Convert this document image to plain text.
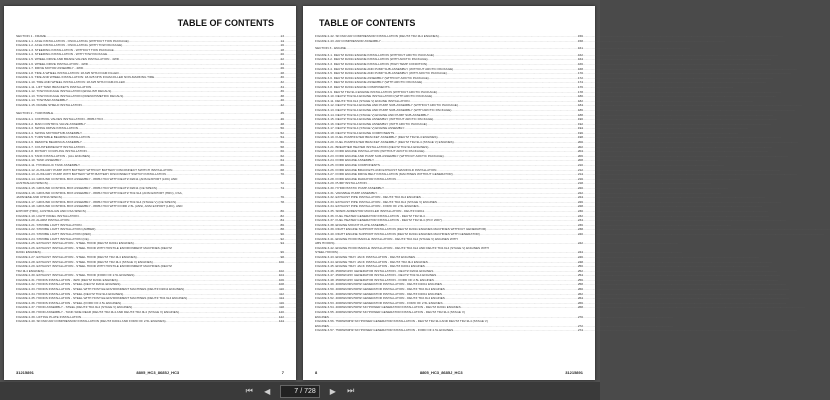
TABLE OF CONTENTS
SECTION 1 - FRAME .....	13
FIGURE 1-1. AXLE INSTALLATION - OSCILLATING (WITHOUT TOW PACKAGE) .....	14
FIGURE 1-2. AXLE INSTALLATION - OSCILLATING (WITH TOW PACKAGE) .....	16
FIGURE 1-3. STEERING INSTALLATION - WITHOUT TOW PACKAGE .....	18
FIGURE 1-4. STEERING INSTALLATION - WITH TOW PACKAGE .....	20
FIGURE 1-5. WHEEL DRIVE AND BRAKE VALVES INSTALLATION - 4WD .....	22
FIGURE 1-6. WHEEL DRIVE INSTALLATION - 4WD .....	24
FIGURE 1-7. DRIVE MOTOR ASSEMBLY - 4WD .....	26
FIGURE 1-8. TIRE & WHEEL INSTALLATION: 18-625 NHS FOAM FILLED .....	28
FIGURE 1-9. TIRE AND WHEEL INSTALLATION: 18-625 NHS FOAM-FILLED NON-MARKING TIRE .....	30
FIGURE 1-10. TIRE AND WHEEL INSTALLATION: 18-625 NHS FOAM-FILLED .....	32
FIGURE 1-11. LIFT TANK BRACKETS INSTALLATION .....	34
FIGURE 1-12. TOW PACKAGE INSTALLATION (ENGLISH DECALS) .....	36
FIGURE 1-13. TOW PACKAGE INSTALLATION (FRENCH/METRIC DECALS) .....	38
FIGURE 1-14. TOW BAR ASSEMBLY .....	40
FIGURE 1-15. FRAME SHIELD INSTALLATION .....	42
SECTION 2 - TURNTABLE .....	45
FIGURE 2-1. CONTROL VALVES INSTALLATION - 8805J HC3 .....	46
FIGURE 2-2. MAIN CONTROL VALVE ASSEMBLY .....	48
FIGURE 2-3. SWING DRIVE INSTALLATION .....	50
FIGURE 2-4. SWING MOTOR/HUB ASSEMBLY .....	52
FIGURE 2-5. TURNTABLE BEARING INSTALLATION .....	54
FIGURE 2-6. REMOTE BEARINGS ASSEMBLY .....	56
FIGURE 2-7. COUNTERWEIGHT INSTALLATION .....	58
FIGURE 2-8. ROTARY COUPLING INSTALLATION .....	60
FIGURE 2-9. TANK INSTALLATION - (ALL ENGINES) .....	62
FIGURE 2-10. TANK ASSEMBLY .....	64
FIGURE 2-11. HYDRAULIC TANK ASSEMBLY .....	66
FIGURE 2-12. AUXILIARY PUMP WITH BATTERY WITHOUT BATTERY DISCONNECT SWITCH INSTALLATION .....	68
FIGURE 2-13. AUXILIARY PUMP WITH BATTERY WITH BATTERY DISCONNECT SWITCH INSTALLATION .....	70
FIGURE 2-14. GROUND CONTROL BOX ASSEMBLY - 8805J HC3 WITH DEUTZ D2011 (ANSI EXPORT (LRC) AND
AUSTRALIAN SPECS) .....	72
FIGURE 2-15. GROUND CONTROL BOX ASSEMBLY - 8805J HC3 WITH DEUTZ D2011 (CE SPECS) .....	74
FIGURE 2-16. GROUND CONTROL BOX ASSEMBLY - 8805J HC3 WITH DEUTZ TD2.9L4 (ANSI EXPORT (HRC), CSA,
JAPANESE AND CHINA SPECS) .....	76
FIGURE 2-17. GROUND CONTROL BOX ASSEMBLY - 8805J HC3 WITH DEUTZ TD2.9L4 (STAGE V) (CE SPECS) .....	78
FIGURE 2-18. GROUND CONTROL BOX ASSEMBLY - 8805J HC3 WITH FORD 2.5L (ANSI, ANSI EXPORT (LRC), AND
EXPORT (HRC), AUSTRALIAN AND CSA SPECS) .....	80
FIGURE 2-19. LIGHT PANEL INSTALLATION .....	82
FIGURE 2-20. ALARM INSTALLATION .....	84
FIGURE 2-21. STROBE LIGHT INSTALLATION .....	86
FIGURE 2-22. STROBE LIGHT INSTALLATION (AMBER) .....	88
FIGURE 2-23. STROBE LIGHT INSTALLATION (RED) .....	90
FIGURE 2-24. STROBE LIGHT INSTALLATION (CE) .....	92
FIGURE 2-25. EXHAUST INSTALLATION - STEEL HOOD (DEUTZ D2011 ENGINES) .....	94
FIGURE 2-26. EXHAUST INSTALLATION - STEEL HOOD WITH HOSTILE ENVIRONMENT MACHINES (DEUTZ
D2011 ENGINES) .....	96
FIGURE 2-27. EXHAUST INSTALLATION - STEEL HOOD (DEUTZ TD2.9L4 ENGINES) .....	98
FIGURE 2-28. EXHAUST INSTALLATION - STEEL HOOD (DEUTZ TD2.9L4 (STAGE V) ENGINES) .....	100
FIGURE 2-29. EXHAUST INSTALLATION - STEEL HOOD WITH HOSTILE ENVIRONMENT MACHINES (DEUTZ
TD2.9L4 ENGINES) .....	102
FIGURE 2-30. EXHAUST INSTALLATION - STEEL HOOD (FORD OF 2.5L ENGINES) .....	104
FIGURE 2-31. HOODS INSTALLATION - 4WD (DEUTZ D2011 ENGINES) .....	106
FIGURE 2-32. HOODS INSTALLATION - STEEL (DEUTZ D2011 ENGINES) .....	108
FIGURE 2-33. HOODS INSTALLATION - STEEL WITH HOSTILE ENVIRONMENT MACHINES (DEUTZ D2011 ENGINES) .....	110
FIGURE 2-34. HOODS INSTALLATION - STEEL (DEUTZ TD2.9L4 ENGINES) .....	112
FIGURE 2-35. HOODS INSTALLATION - STEEL WITH HOSTILE ENVIRONMENT MACHINES (DEUTZ TD2.9L4 ENGINES) .....	114
FIGURE 2-36. HOODS INSTALLATION - STEEL (FORD OF 2.5L ENGINES) .....	116
FIGURE 2-37. HOOD ASSEMBLY - STEEL (DEUTZ TD2.9L4 (STAGE V) ENGINES) .....	118
FIGURE 2-38. HOOD ASSEMBLY - TANK SIDE REAR (DEUTZ TD2.9L4 AND DEUTZ TD2.9L4 (STAGE V) ENGINES) .....	120
FIGURE 2-39. LIFTING PLATE INSTALLATION .....	122
FIGURE 2-40. SKYAIR AIR COMPRESSOR INSTALLATION (DEUTZ D2011 AND FORD OF 2.5L ENGINES) .....	124
31215891	8805_HC3_8685J_HC3	7
TABLE OF CONTENTS
FIGURE 2-42. SKYAIR AIR COMPRESSOR INSTALLATION (DEUTZ TD2.9L4 ENGINES) .....	156
FIGURE 2-43. AIR COMPRESSOR ASSEMBLY .....	158
SECTION 3 - ENGINE .....	161
FIGURE 3-1. DEUTZ D2011 ENGINE INSTALLATION (WITHOUT ARCTIC PACKAGE) .....	162
FIGURE 3-2. DEUTZ D2011 ENGINE INSTALLATION (WITH ARCTIC PACKAGE) .....	164
FIGURE 3-3. DEUTZ D2011 ENGINE INSTALLATION (HIGH TEMP CONDITION) .....	166
FIGURE 3-4. DEUTZ D2011 ENGINE AND PUMP SUB-ASSEMBLY (WITHOUT ARCTIC PACKAGE) .....	168
FIGURE 3-5. DEUTZ D2011 ENGINE AND PUMP SUB-ASSEMBLY (WITH ARCTIC PACKAGE) .....	170
FIGURE 3-6. DEUTZ D2011 ENGINE ASSEMBLY (WITHOUT ARCTIC PACKAGE) .....	172
FIGURE 3-7. DEUTZ D2011 ENGINE ASSEMBLY (WITH ARCTIC PACKAGE) .....	174
FIGURE 3-8. DEUTZ D2011 ENGINE COMPONENTS .....	176
FIGURE 3-9. DEUTZ TD2.9L4 ENGINE INSTALLATION (WITHOUT ARCTIC PACKAGE) .....	178
FIGURE 3-10. DEUTZ TD2.9L4 ENGINE INSTALLATION (WITH ARCTIC PACKAGE) .....	180
FIGURE 3-11. DEUTZ TD2.9L4 (STAGE V) ENGINE INSTALLATION .....	182
FIGURE 3-12. DEUTZ TD2.9L4 ENGINE AND PUMP SUB-ASSEMBLY (WITHOUT ARCTIC PACKAGE) .....	184
FIGURE 3-13. DEUTZ TD2.9L4 ENGINE AND PUMP SUB-ASSEMBLY (WITH ARCTIC PACKAGE) .....	186
FIGURE 3-14. DEUTZ TD2.9L4 (STAGE V) ENGINE AND PUMP SUB-ASSEMBLY .....	188
FIGURE 3-15. DEUTZ TD2.9L4 ENGINE ASSEMBLY (WITHOUT ARCTIC PACKAGE) .....	190
FIGURE 3-16. DEUTZ TD2.9L4 ENGINE ASSEMBLY (WITH ARCTIC PACKAGE) .....	192
FIGURE 3-17. DEUTZ TD2.9L4 (STAGE V) ENGINE ASSEMBLY .....	194
FIGURE 3-18. DEUTZ TD2.9L4 ENGINE COMPONENTS .....	196
FIGURE 3-19. FUEL PUMP/FILTER BRACKET ASSEMBLY (DEUTZ TD2.9L4 ENGINES) .....	198
FIGURE 3-20. FUEL PUMP/FILTER BRACKET ASSEMBLY (DEUTZ TD2.9L4 (STAGE V) ENGINES) .....	200
FIGURE 3-21. BREATHER HEATER INSTALLATION (DEUTZ TD2.9L4 ENGINES) .....	202
FIGURE 3-22. FORD ENGINE INSTALLATION (WITHOUT ARCTIC PACKAGE) .....	204
FIGURE 3-23. FORD ENGINE AND PUMP SUB-ASSEMBLY (WITHOUT ARCTIC PACKAGE) .....	206
FIGURE 3-24. FORD ENGINE ASSEMBLY .....	208
FIGURE 3-25. FORD ENGINE COMPONENTS .....	210
FIGURE 3-26. FORD ENGINE BRACKETS AND EXHAUST MANIFOLD INSTALLATION .....	212
FIGURE 3-27. FORD ENGINE DRIVE BELT INSTALLATION (MACHINES WITHOUT GENERATOR) .....	214
FIGURE 3-28. FORD ENGINE RADIATOR INSTALLATION .....	216
FIGURE 3-29. PUMP INSTALLATION .....	218
FIGURE 3-30. HYDROSTATIC PUMP ASSEMBLY .....	220
FIGURE 3-31. VARIABLE PUMP ASSEMBLY .....	222
FIGURE 3-32. EXHAUST PIPE INSTALLATION - DEUTZ TD2.9L4 ENGINES .....	224
FIGURE 3-33. EXHAUST PIPE INSTALLATION - DEUTZ TD2.9L4 (STAGE V) ENGINES .....	226
FIGURE 3-34. EXHAUST PIPE INSTALLATION - FORD OF 2.5L ENGINES .....	228
FIGURE 3-35. SPARK ARRESTOR MUFFLER INSTALLATION - DEUTZ D2011 .....	230
FIGURE 3-36. FUEL HEATER GENERATOR INSTALLATION - DEUTZ TD2.9L4 .....	232
FIGURE 3-37. FUEL HEATER GENERATOR INSTALLATION - DEUTZ TD2.9L4 (PCV 2007) .....	234
FIGURE 3-38. ENGINE MOUNT PLATE ASSEMBLY .....	236
FIGURE 3-39. RIGHT ENGINE SUPPORT INSTALLATION (DEUTZ D2011 ENGINES MACHINES WITHOUT GENERATOR) .....	238
FIGURE 3-40. RIGHT ENGINE SUPPORT INSTALLATION (DEUTZ D2011 ENGINES MACHINES WITH GENERATOR) .....	240
FIGURE 3-41. ENGINE HOOD BAFFLE INSTALLATION - DEUTZ TD2.9L4 (STAGE V) ENGINES WITH
ABS HOODS) .....	242
FIGURE 3-42. ENGINE HOOD BAFFLE INSTALLATION - DEUTZ TD2.9L4 AND DEUTZ TD2.9L4 (STAGE V) ENGINES WITH
STEEL HOODS) .....	244
FIGURE 3-43. ENGINE TRAY JACK INSTALLATION - DEUTZ ENGINES .....	246
FIGURE 3-44. ENGINE TRAY JACK INSTALLATION - DEUTZ TD2.9L4 ENGINES .....	248
FIGURE 3-45. ENGINE TRAY JACK INSTALLATION - DEUTZ D2011 ENGINES .....	250
FIGURE 3-46. 2500W/115V GENERATOR INSTALLATION - DEUTZ D2011 ENGINES .....	252
FIGURE 3-47. 2500W/115V GENERATOR INSTALLATION - DEUTZ TD2.9L4 ENGINES .....	254
FIGURE 3-48. 2500W/115V GENERATOR INSTALLATION - FORD OF 2.5L ENGINES .....	256
FIGURE 3-49. 4000W/230V/60HZ GENERATOR INSTALLATION - DEUTZ D2011 ENGINES .....	258
FIGURE 3-50. 4000W/230V/60HZ GENERATOR INSTALLATION - DEUTZ TD2.9L4 ENGINES .....	260
FIGURE 3-51. 4000W/230V/50HZ GENERATOR INSTALLATION - DEUTZ D2011 ENGINES .....	262
FIGURE 3-52. 4000W/230V/50HZ GENERATOR INSTALLATION - DEUTZ TD2.9L4 ENGINES .....	264
FIGURE 3-53. 4000W/230V/50HZ GENERATOR INSTALLATION - FORD OF 2.5L ENGINES .....	266
FIGURE 3-54. 4000W/230V/50HZ SKYPOWER GENERATOR INSTALLATION - DEUTZ D2011 ENGINES .....	268
FIGURE 3-55. 4000W/230V/50HZ SKYPOWER GENERATOR INSTALLATION - DEUTZ TD2.9L4 (STAGE V)
ENGINES .....	270
FIGURE 3-56. 7500W/60HZ SKYPOWER GENERATOR INSTALLATION - DEUTZ TD2.9L4 AND DEUTZ TD2.9L4 (STAGE V)
ENGINES .....	272
FIGURE 3-57. 7500W/60HZ SKYPOWER GENERATOR INSTALLATION - FORD OF 2.5L ENGINES .....	274
8	8805_HC3_8685J_HC3	31215891
⏮ ◀
7	/ 728 ▶ ⏭
